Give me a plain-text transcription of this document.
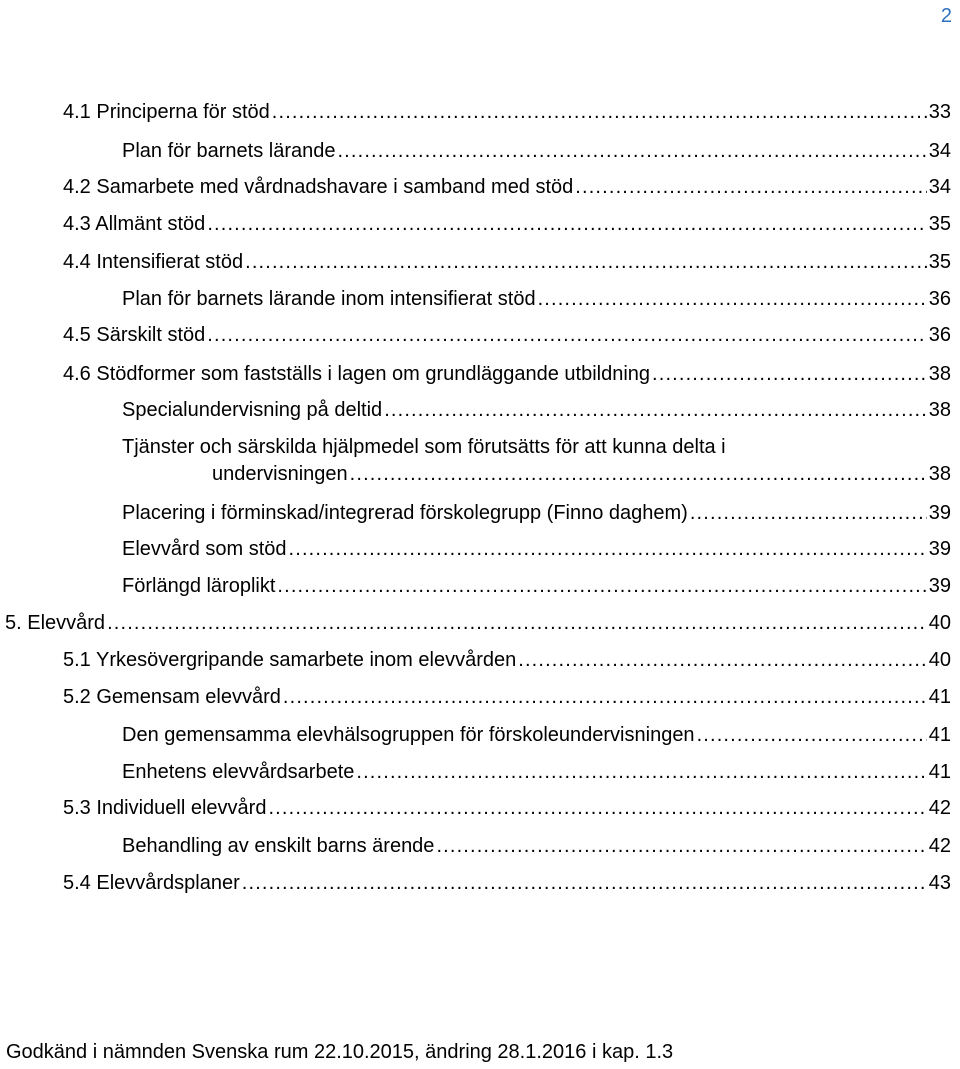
2
4.1 Principerna för stöd . . .	33
Plan för barnets lärande . . .	34
4.2 Samarbete med vårdnadshavare i samband med stöd . . .	34
4.3 Allmänt stöd . . .	35
4.4 Intensifierat stöd . . .	35
Plan för barnets lärande inom intensifierat stöd . . .	36
4.5 Särskilt stöd . . .	36
4.6 Stödformer som fastställs i lagen om grundläggande utbildning . . .	38
Specialundervisning på deltid . . .	38
Tjänster och särskilda hjälpmedel som förutsätts för att kunna delta i
undervisningen . . .	38
Placering i förminskad/integrerad förskolegrupp (Finno daghem) . . .	39
Elevvård som stöd . . .	39
Förlängd läroplikt . . .	39
5. Elevvård . . .	40
5.1 Yrkesövergripande samarbete inom elevvården . . .	40
5.2 Gemensam elevvård . . .	41
Den gemensamma elevhälsogruppen för förskoleundervisningen . . .	41
Enhetens elevvårdsarbete . . .	41
5.3 Individuell elevvård . . .	42
Behandling av enskilt barns ärende . . .	42
5.4 Elevvårdsplaner . . .	43
Godkänd i nämnden Svenska rum 22.10.2015, ändring 28.1.2016 i kap. 1.3
